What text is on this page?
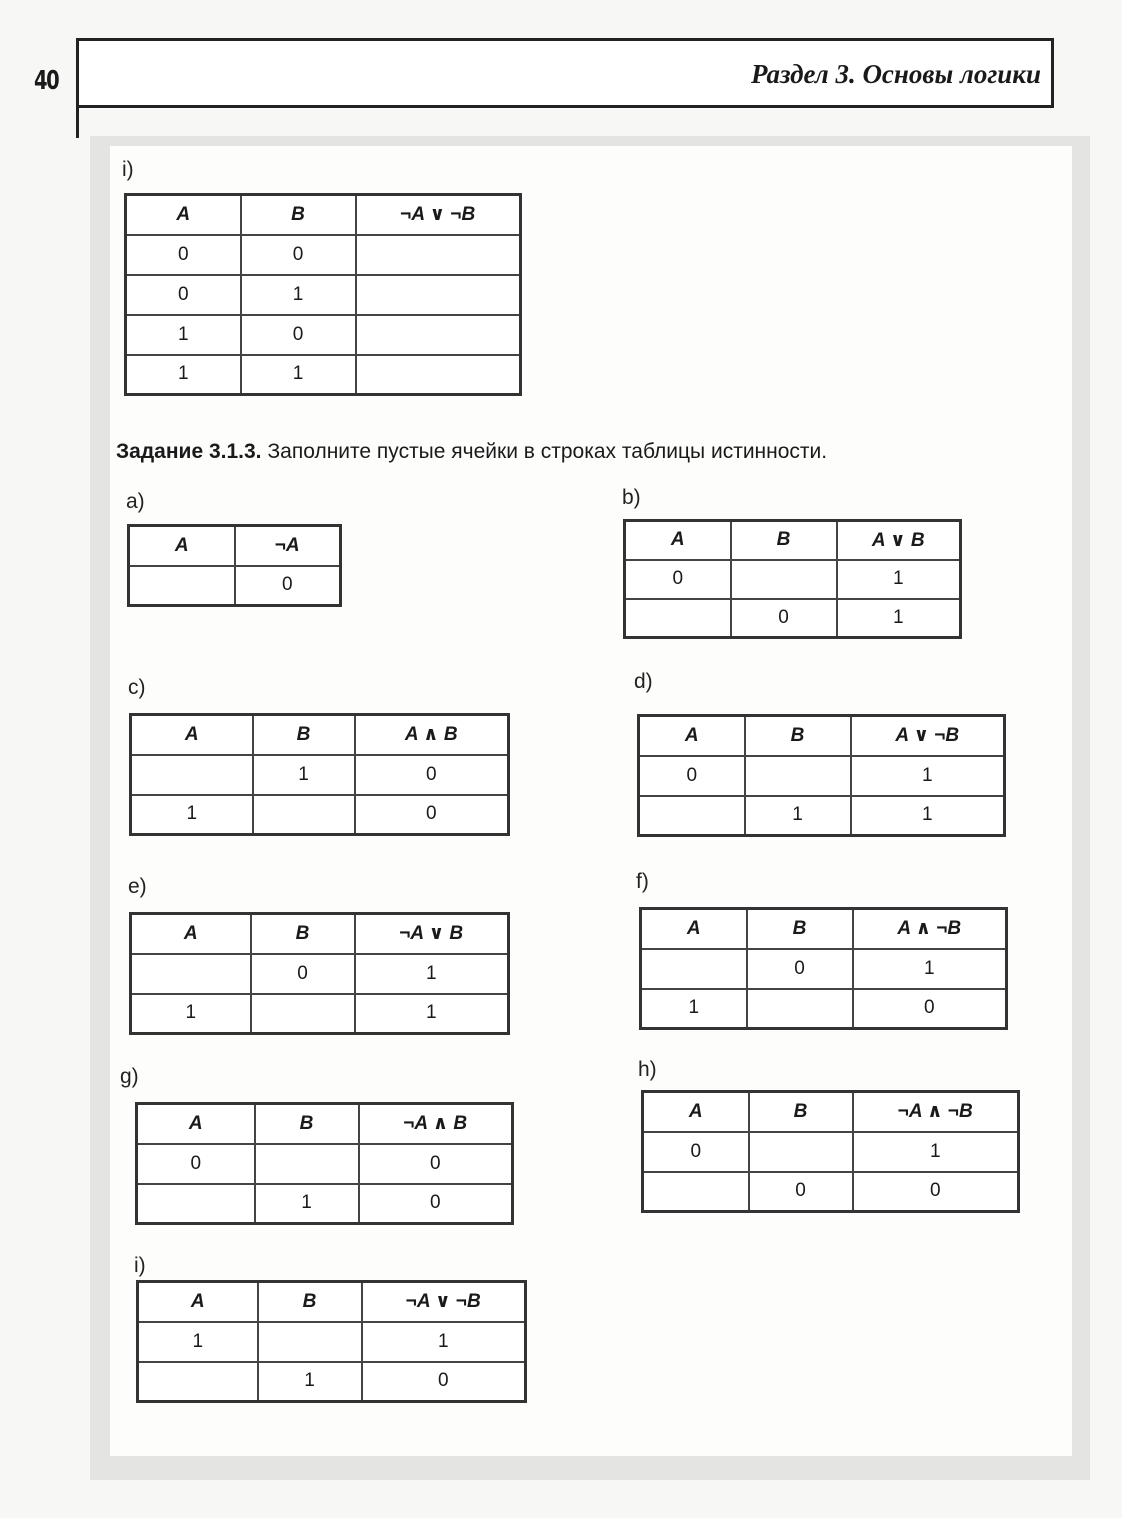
40	Раздел 3. Основы логики
Задание 3.1.3. Заполните пустые ячейки в строках таблицы истинности.
i)
A	B	¬A ∨ ¬B
0	0	
0	1	
1	0	
1	1	
a)
A	¬A
	0
b)
A	B	A ∨ B
0		1
	0	1
c)
A	B	A ∧ B
	1	0
1		0
d)
A	B	A ∨ ¬B
0		1
	1	1
e)
A	B	¬A ∨ B
	0	1
1		1
f)
A	B	A ∧ ¬B
	0	1
1		0
g)
A	B	¬A ∧ B
0		0
	1	0
h)
A	B	¬A ∧ ¬B
0		1
	0	0
i)
A	B	¬A ∨ ¬B
1		1
	1	0
